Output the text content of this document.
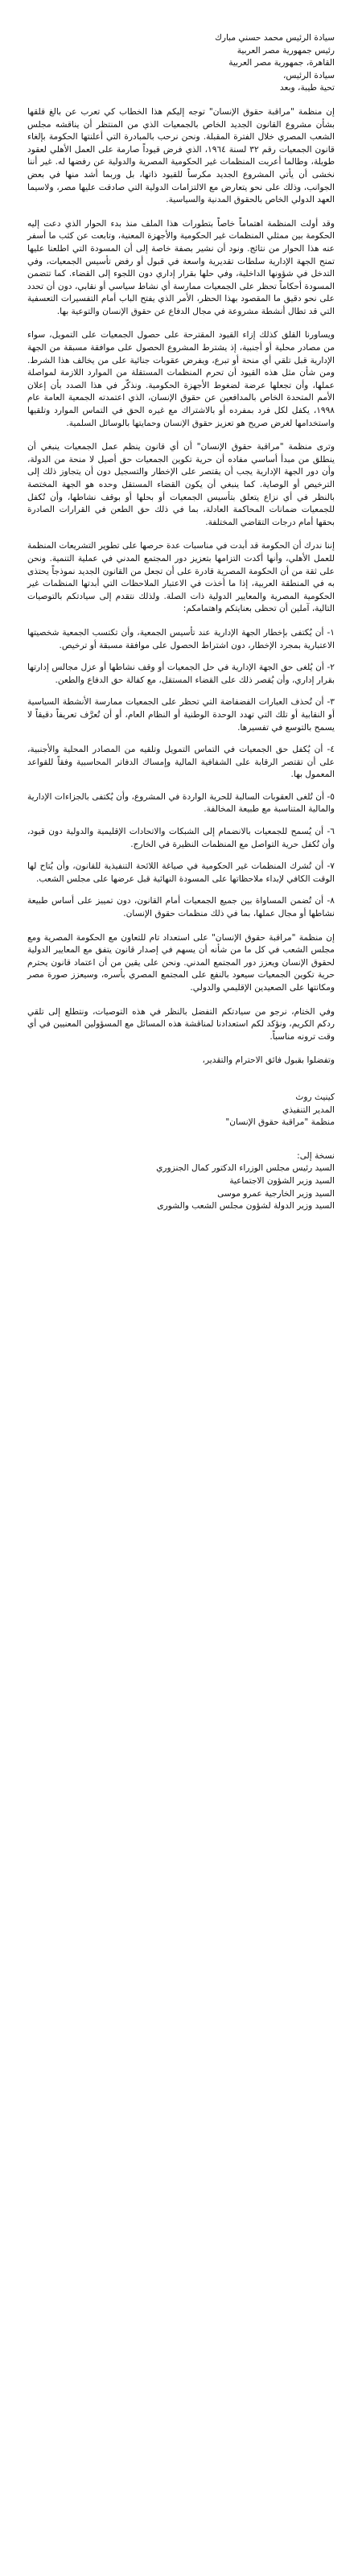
سيادة الرئيس محمد حسني مبارك
رئيس جمهورية مصر العربية
القاهرة، جمهورية مصر العربية
سيادة الرئيس،
تحية طيبة، وبعد

إن منظمة "مراقبة حقوق الإنسان" توجه إليكم هذا الخطاب كي تعرب عن بالغ قلقها بشأن مشروع القانون الجديد الخاص بالجمعيات الذي من المنتظر أن يناقشه مجلس الشعب المصري خلال الفترة المقبلة. ونحن نرحب بالمبادرة التي أعلنتها الحكومة بإلغاء قانون الجمعيات رقم ٣٢ لسنة ١٩٦٤، الذي فرض قيوداً صارمة على العمل الأهلي لعقود طويلة، وطالما أعربت المنظمات غير الحكومية المصرية والدولية عن رفضها له. غير أننا نخشى أن يأتي المشروع الجديد مكرساً للقيود ذاتها، بل وربما أشد منها في بعض الجوانب، وذلك على نحو يتعارض مع الالتزامات الدولية التي صادقت عليها مصر، ولاسيما العهد الدولي الخاص بالحقوق المدنية والسياسية.

وقد أولت المنظمة اهتماماً خاصاً بتطورات هذا الملف منذ بدء الحوار الذي دعت إليه الحكومة بين ممثلي المنظمات غير الحكومية والأجهزة المعنية، وتابعت عن كثب ما أسفر عنه هذا الحوار من نتائج. ونود أن نشير بصفة خاصة إلى أن المسودة التي اطلعنا عليها تمنح الجهة الإدارية سلطات تقديرية واسعة في قبول أو رفض تأسيس الجمعيات، وفي التدخل في شؤونها الداخلية، وفي حلها بقرار إداري دون اللجوء إلى القضاء. كما تتضمن المسودة أحكاماً تحظر على الجمعيات ممارسة أي نشاط سياسي أو نقابي، دون أن تحدد على نحو دقيق ما المقصود بهذا الحظر، الأمر الذي يفتح الباب أمام التفسيرات التعسفية التي قد تطال أنشطة مشروعة في مجال الدفاع عن حقوق الإنسان والتوعية بها.

ويساورنا القلق كذلك إزاء القيود المقترحة على حصول الجمعيات على التمويل، سواء من مصادر محلية أو أجنبية، إذ يشترط المشروع الحصول على موافقة مسبقة من الجهة الإدارية قبل تلقي أي منحة أو تبرع، ويفرض عقوبات جنائية على من يخالف هذا الشرط. ومن شأن مثل هذه القيود أن تحرم المنظمات المستقلة من الموارد اللازمة لمواصلة عملها، وأن تجعلها عرضة لضغوط الأجهزة الحكومية. ونذكّر في هذا الصدد بأن إعلان الأمم المتحدة الخاص بالمدافعين عن حقوق الإنسان، الذي اعتمدته الجمعية العامة عام ١٩٩٨، يكفل لكل فرد بمفرده أو بالاشتراك مع غيره الحق في التماس الموارد وتلقيها واستخدامها لغرض صريح هو تعزيز حقوق الإنسان وحمايتها بالوسائل السلمية.

وترى منظمة "مراقبة حقوق الإنسان" أن أي قانون ينظم عمل الجمعيات ينبغي أن ينطلق من مبدأ أساسي مفاده أن حرية تكوين الجمعيات حق أصيل لا منحة من الدولة، وأن دور الجهة الإدارية يجب أن يقتصر على الإخطار والتسجيل دون أن يتجاوز ذلك إلى الترخيص أو الوصاية. كما ينبغي أن يكون القضاء المستقل وحده هو الجهة المختصة بالنظر في أي نزاع يتعلق بتأسيس الجمعيات أو بحلها أو بوقف نشاطها، وأن تُكفل للجمعيات ضمانات المحاكمة العادلة، بما في ذلك حق الطعن في القرارات الصادرة بحقها أمام درجات التقاضي المختلفة.

إننا ندرك أن الحكومة قد أبدت في مناسبات عدة حرصها على تطوير التشريعات المنظمة للعمل الأهلي، وأنها أكدت التزامها بتعزيز دور المجتمع المدني في عملية التنمية. ونحن على ثقة من أن الحكومة المصرية قادرة على أن تجعل من القانون الجديد نموذجاً يحتذى به في المنطقة العربية، إذا ما أخذت في الاعتبار الملاحظات التي أبدتها المنظمات غير الحكومية المصرية والمعايير الدولية ذات الصلة. ولذلك نتقدم إلى سيادتكم بالتوصيات التالية، آملين أن تحظى بعنايتكم واهتمامكم:

١- أن يُكتفى بإخطار الجهة الإدارية عند تأسيس الجمعية، وأن تكتسب الجمعية شخصيتها الاعتبارية بمجرد الإخطار، دون اشتراط الحصول على موافقة مسبقة أو ترخيص.
٢- أن يُلغى حق الجهة الإدارية في حل الجمعيات أو وقف نشاطها أو عزل مجالس إدارتها بقرار إداري، وأن يُقصر ذلك على القضاء المستقل، مع كفالة حق الدفاع والطعن.
٣- أن تُحذف العبارات الفضفاضة التي تحظر على الجمعيات ممارسة الأنشطة السياسية أو النقابية أو تلك التي تهدد الوحدة الوطنية أو النظام العام، أو أن تُعرَّف تعريفاً دقيقاً لا يسمح بالتوسع في تفسيرها.
٤- أن يُكفل حق الجمعيات في التماس التمويل وتلقيه من المصادر المحلية والأجنبية، على أن تقتصر الرقابة على الشفافية المالية وإمساك الدفاتر المحاسبية وفقاً للقواعد المعمول بها.
٥- أن تُلغى العقوبات السالبة للحرية الواردة في المشروع، وأن يُكتفى بالجزاءات الإدارية والمالية المتناسبة مع طبيعة المخالفة.
٦- أن يُسمح للجمعيات بالانضمام إلى الشبكات والاتحادات الإقليمية والدولية دون قيود، وأن تُكفل حرية التواصل مع المنظمات النظيرة في الخارج.
٧- أن تُشرك المنظمات غير الحكومية في صياغة اللائحة التنفيذية للقانون، وأن يُتاح لها الوقت الكافي لإبداء ملاحظاتها على المسودة النهائية قبل عرضها على مجلس الشعب.
٨- أن تُضمن المساواة بين جميع الجمعيات أمام القانون، دون تمييز على أساس طبيعة نشاطها أو مجال عملها، بما في ذلك منظمات حقوق الإنسان.

إن منظمة "مراقبة حقوق الإنسان" على استعداد تام للتعاون مع الحكومة المصرية ومع مجلس الشعب في كل ما من شأنه أن يسهم في إصدار قانون يتفق مع المعايير الدولية لحقوق الإنسان ويعزز دور المجتمع المدني. ونحن على يقين من أن اعتماد قانون يحترم حرية تكوين الجمعيات سيعود بالنفع على المجتمع المصري بأسره، وسيعزز صورة مصر ومكانتها على الصعيدين الإقليمي والدولي.

وفي الختام، نرجو من سيادتكم التفضل بالنظر في هذه التوصيات، ونتطلع إلى تلقي ردكم الكريم، ونؤكد لكم استعدادنا لمناقشة هذه المسائل مع المسؤولين المعنيين في أي وقت ترونه مناسباً.

وتفضلوا بقبول فائق الاحترام والتقدير،
كينيث روث
المدير التنفيذي
منظمة "مراقبة حقوق الإنسان"
نسخة إلى:
السيد رئيس مجلس الوزراء الدكتور كمال الجنزوري
السيد وزير الشؤون الاجتماعية
السيد وزير الخارجية عمرو موسى
السيد وزير الدولة لشؤون مجلس الشعب والشورى
